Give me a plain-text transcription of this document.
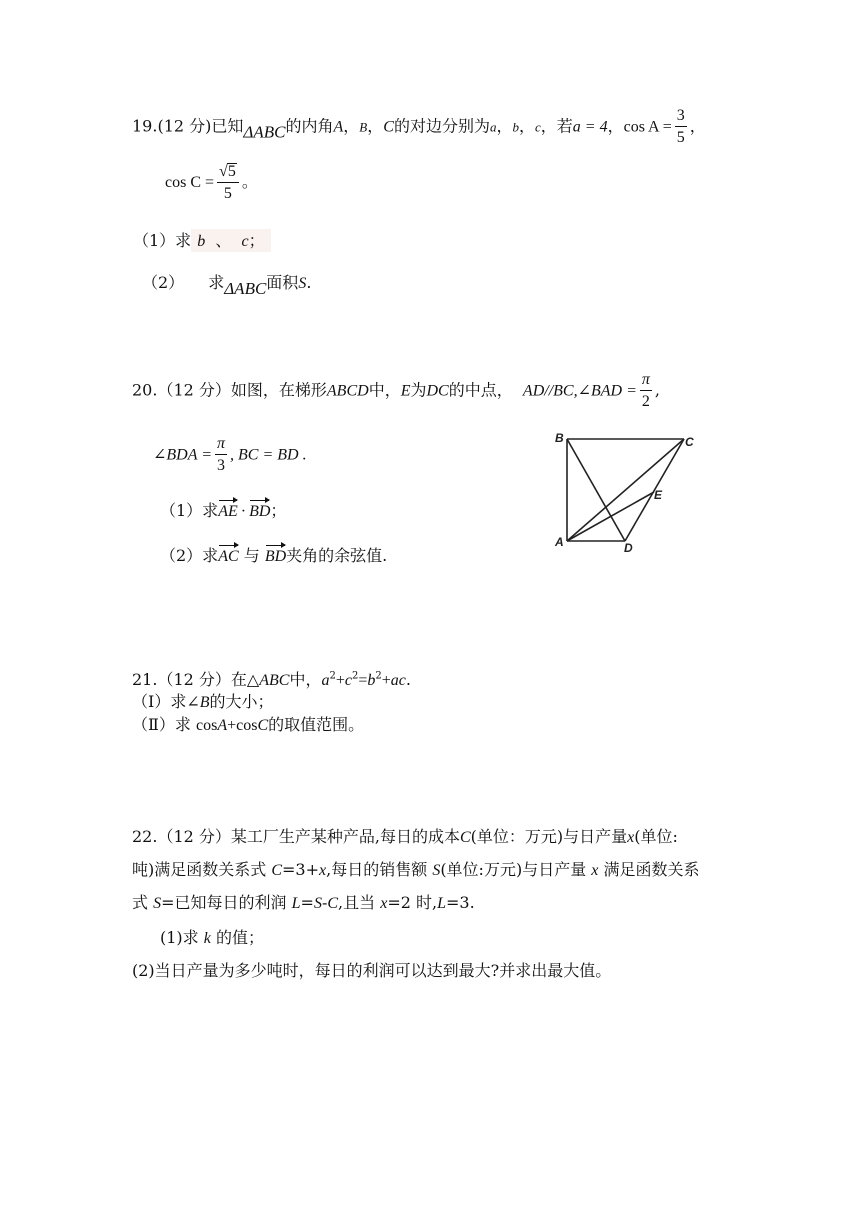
19.(12 分)已知ΔABC的内角A，B，C的对边分别为a，b，c，若a = 4，$\cos A = \frac{3}{5}$ ，
$\cos C = \frac{√5}{5}$ 。
（1）求 b 、 c；
（2） 求ΔABC面积S.
20.（12 分）如图，在梯形ABCD中，E为DC的中点， AD//BC,∠BAD = $\frac{\pi}{2}$ ,
∠BDA = $\frac{\pi}{3}$ , BC = BD .
（1）求AE · BD；
（2）求AC 与 BD夹角的余弦值.
B	C
E
A	D
21.（12 分）在△ABC中，$a^2+c^2=b^2+ac$.
（Ⅰ）求∠B的大小；
（Ⅱ）求 cosA+cosC的取值范围。
22.（12 分）某工厂生产某种产品,每日的成本C(单位：万元)与日产量x(单位:
吨)满足函数关系式 C=3+x,每日的销售额 S(单位:万元)与日产量 x 满足函数关系
式 S=已知每日的利润 L=S-C,且当 x=2 时,L=3.
(1)求 k 的值；
(2)当日产量为多少吨时，每日的利润可以达到最大?并求出最大值。
